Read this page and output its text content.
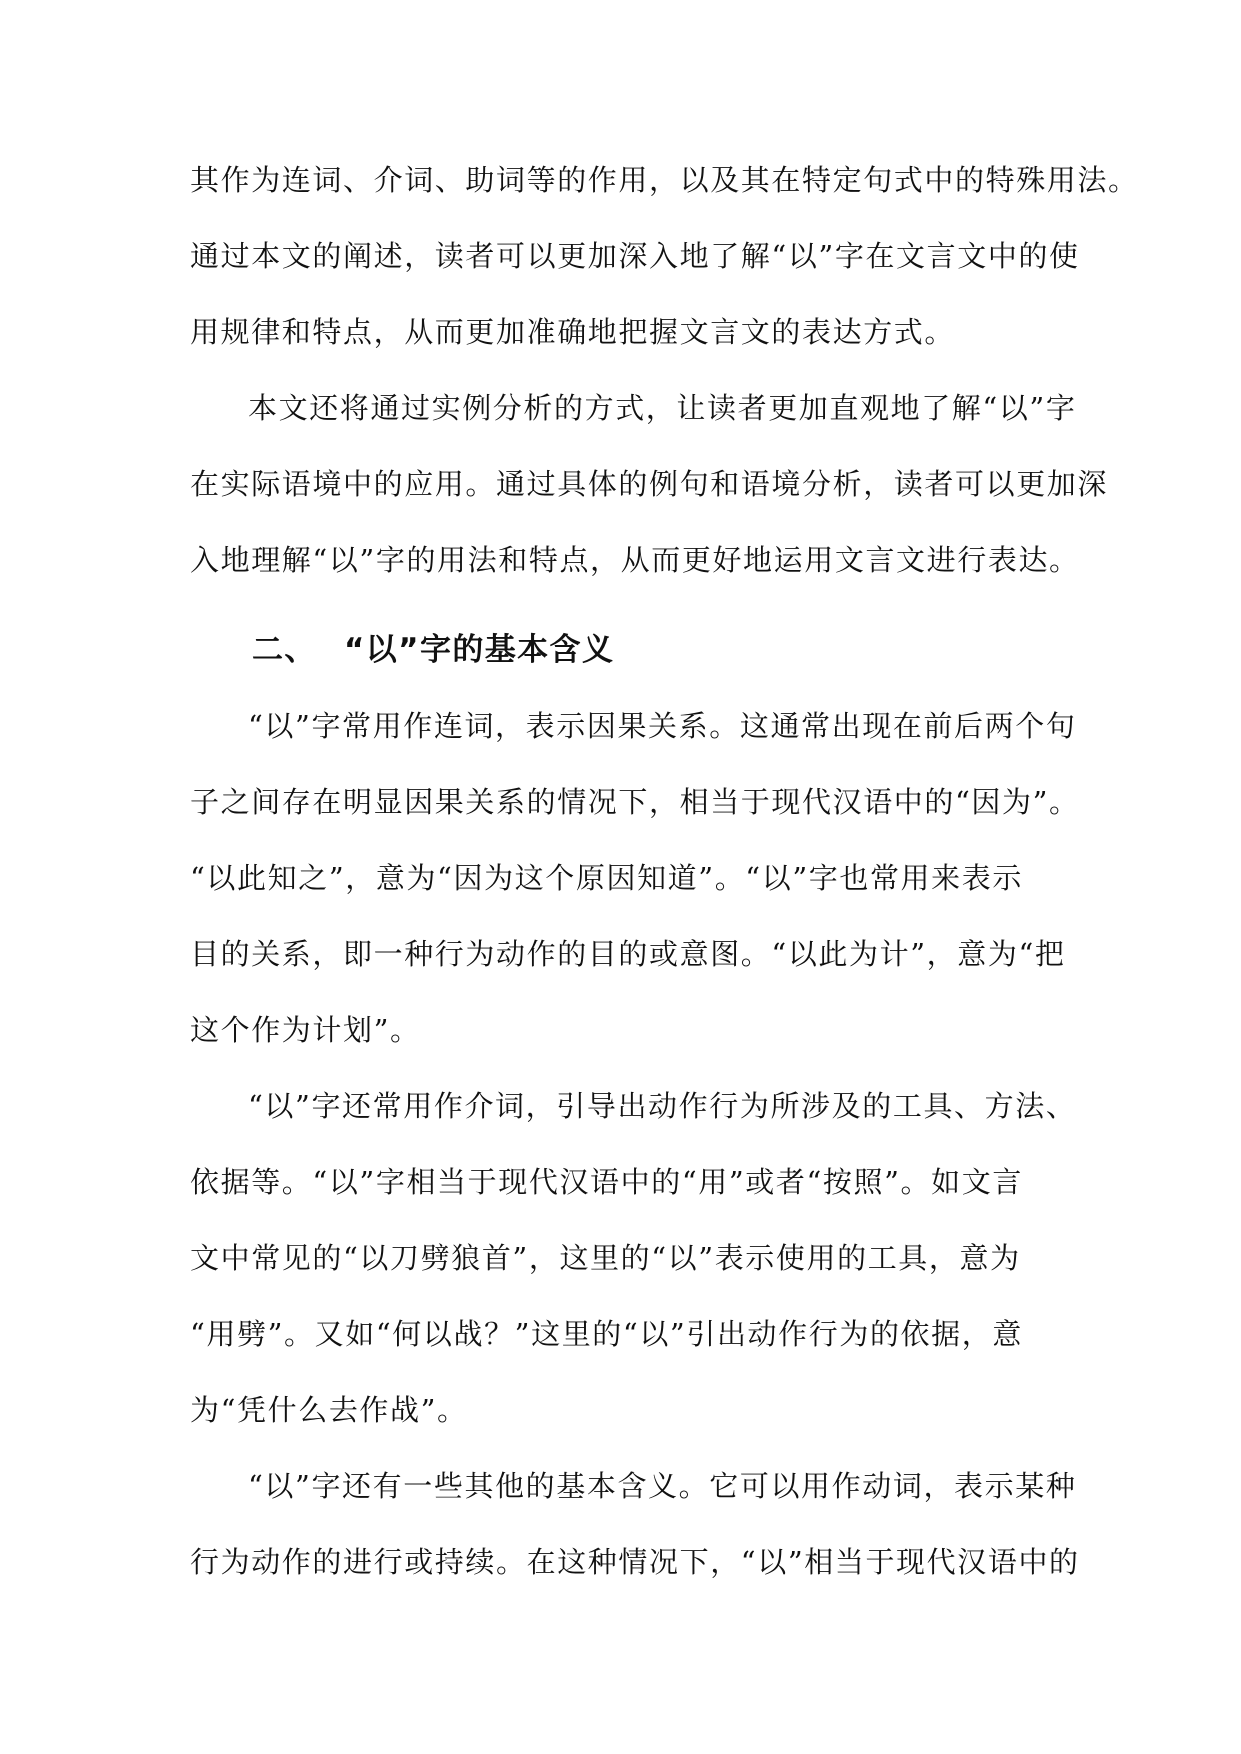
其作为连词、介词、助词等的作用，以及其在特定句式中的特殊用法。
通过本文的阐述，读者可以更加深入地了解“以”字在文言文中的使
用规律和特点，从而更加准确地把握文言文的表达方式。
本文还将通过实例分析的方式，让读者更加直观地了解“以”字
在实际语境中的应用。通过具体的例句和语境分析，读者可以更加深
入地理解“以”字的用法和特点，从而更好地运用文言文进行表达。
二、 “以”字的基本含义
“以”字常用作连词，表示因果关系。这通常出现在前后两个句
子之间存在明显因果关系的情况下，相当于现代汉语中的“因为”。
“以此知之”，意为“因为这个原因知道”。“以”字也常用来表示
目的关系，即一种行为动作的目的或意图。“以此为计”，意为“把
这个作为计划”。
“以”字还常用作介词，引导出动作行为所涉及的工具、方法、
依据等。“以”字相当于现代汉语中的“用”或者“按照”。如文言
文中常见的“以刀劈狼首”，这里的“以”表示使用的工具，意为
“用劈”。又如“何以战？”这里的“以”引出动作行为的依据，意
为“凭什么去作战”。
“以”字还有一些其他的基本含义。它可以用作动词，表示某种
行为动作的进行或持续。在这种情况下，“以”相当于现代汉语中的
